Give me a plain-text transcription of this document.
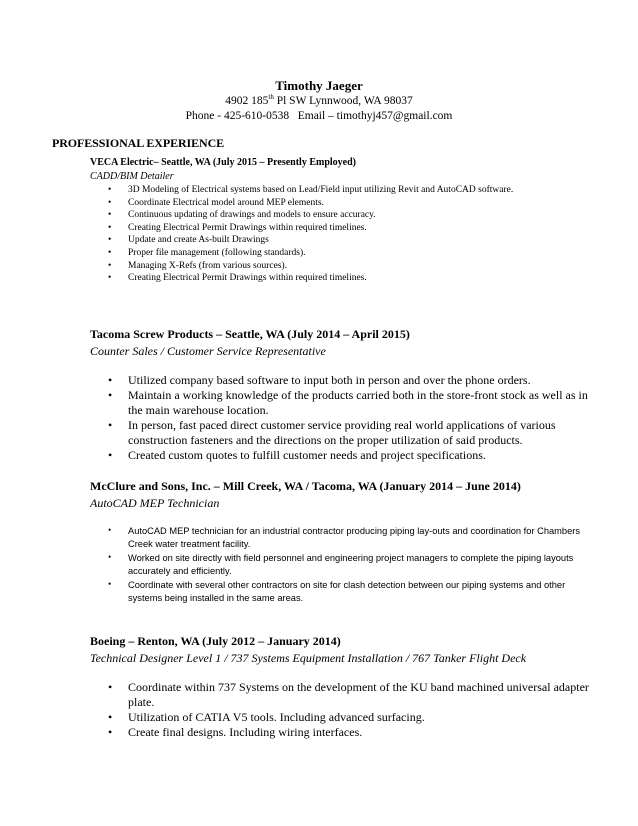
Timothy Jaeger
4902 185th Pl SW Lynnwood, WA 98037
Phone - 425-610-0538   Email – timothyj457@gmail.com
PROFESSIONAL EXPERIENCE
VECA Electric– Seattle, WA (July 2015 – Presently Employed)
CADD/BIM Detailer
• 3D Modeling of Electrical systems based on Lead/Field input utilizing Revit and AutoCAD software.
• Coordinate Electrical model around MEP elements.
• Continuous updating of drawings and models to ensure accuracy.
• Creating Electrical Permit Drawings within required timelines.
• Update and create As-built Drawings
• Proper file management (following standards).
• Managing X-Refs (from various sources).
• Creating Electrical Permit Drawings within required timelines.
Tacoma Screw Products – Seattle, WA (July 2014 – April 2015)
Counter Sales / Customer Service Representative
• Utilized company based software to input both in person and over the phone orders.
• Maintain a working knowledge of the products carried both in the store-front stock as well as in the main warehouse location.
• In person, fast paced direct customer service providing real world applications of various construction fasteners and the directions on the proper utilization of said products.
• Created custom quotes to fulfill customer needs and project specifications.
McClure and Sons, Inc. – Mill Creek, WA / Tacoma, WA (January 2014 – June 2014)
AutoCAD MEP Technician
• AutoCAD MEP technician for an industrial contractor producing piping lay-outs and coordination for Chambers Creek water treatment facility.
• Worked on site directly with field personnel and engineering project managers to complete the piping layouts accurately and efficiently.
• Coordinate with several other contractors on site for clash detection between our piping systems and other systems being installed in the same areas.
Boeing – Renton, WA (July 2012 – January 2014)
Technical Designer Level 1 / 737 Systems Equipment Installation / 767 Tanker Flight Deck
• Coordinate within 737 Systems on the development of the KU band machined universal adapter plate.
• Utilization of CATIA V5 tools. Including advanced surfacing.
• Create final designs. Including wiring interfaces.
